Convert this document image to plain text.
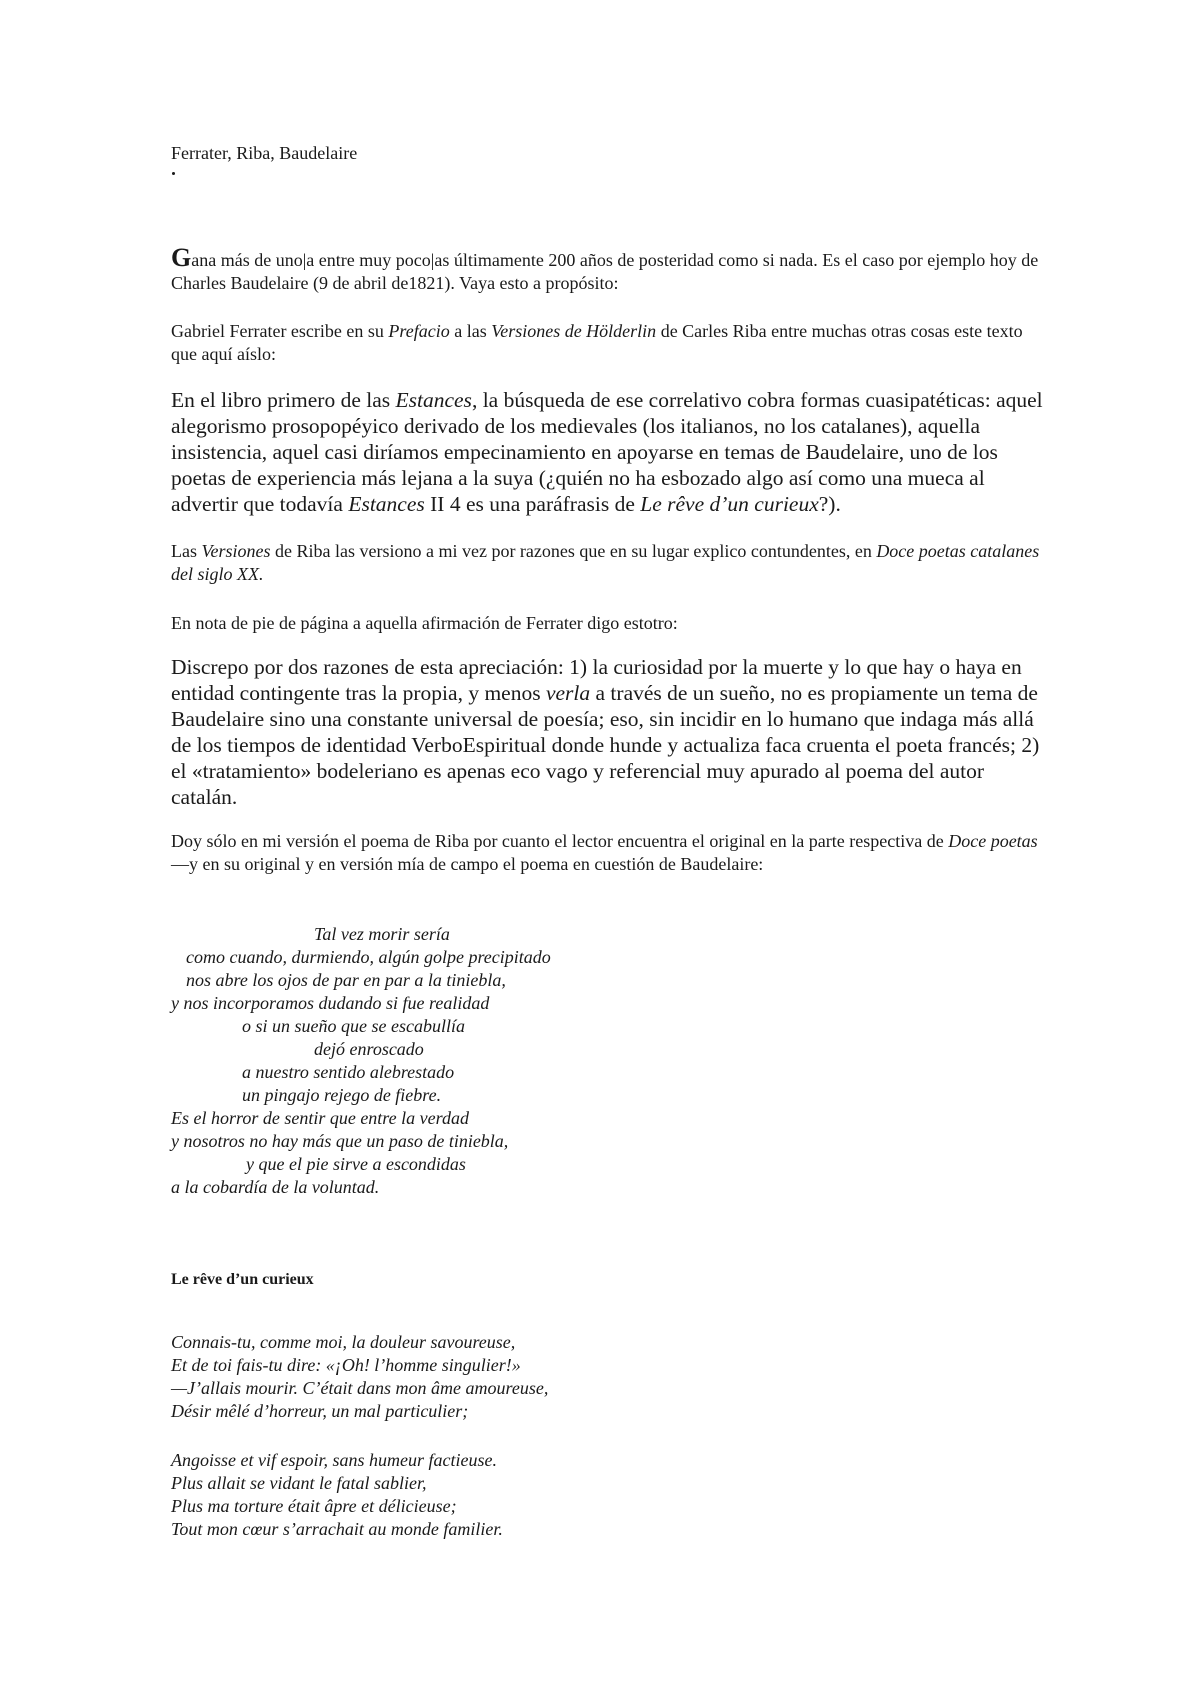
Ferrater, Riba, Baudelaire

Gana más de uno|a entre muy poco|as últimamente 200 años de posteridad como si nada. Es el caso por ejemplo hoy de Charles Baudelaire (9 de abril de1821). Vaya esto a propósito:

Gabriel Ferrater escribe en su Prefacio a las Versiones de Hölderlin de Carles Riba entre muchas otras cosas este texto que aquí aíslo:

En el libro primero de las Estances, la búsqueda de ese correlativo cobra formas cuasipatéticas: aquel alegorismo prosopopéyico derivado de los medievales (los italianos, no los catalanes), aquella insistencia, aquel casi diríamos empecinamiento en apoyarse en temas de Baudelaire, uno de los poetas de experiencia más lejana a la suya (¿quién no ha esbozado algo así como una mueca al advertir que todavía Estances II 4 es una paráfrasis de Le rêve d’un curieux?).

Las Versiones de Riba las versiono a mi vez por razones que en su lugar explico contundentes, en Doce poetas catalanes del siglo XX.

En nota de pie de página a aquella afirmación de Ferrater digo estotro:

Discrepo por dos razones de esta apreciación: 1) la curiosidad por la muerte y lo que hay o haya en entidad contingente tras la propia, y menos verla a través de un sueño, no es propiamente un tema de Baudelaire sino una constante universal de poesía; eso, sin incidir en lo humano que indaga más allá de los tiempos de identidad VerboEspiritual donde hunde y actualiza faca cruenta el poeta francés; 2) el «tratamiento» bodeleriano es apenas eco vago y referencial muy apurado al poema del autor catalán.

Doy sólo en mi versión el poema de Riba por cuanto el lector encuentra el original en la parte respectiva de Doce poetas —y en su original y en versión mía de campo el poema en cuestión de Baudelaire:

Tal vez morir sería
como cuando, durmiendo, algún golpe precipitado
nos abre los ojos de par en par a la tiniebla,
y nos incorporamos dudando si fue realidad
o si un sueño que se escabullía
dejó enroscado
a nuestro sentido alebrestado
un pingajo rejego de fiebre.
Es el horror de sentir que entre la verdad
y nosotros no hay más que un paso de tiniebla,
y que el pie sirve a escondidas
a la cobardía de la voluntad.
Le rêve d’un curieux
Connais-tu, comme moi, la douleur savoureuse,
Et de toi fais-tu dire: «¡Oh! l’homme singulier!»
—J’allais mourir. C’était dans mon âme amoureuse,
Désir mêlé d’horreur, un mal particulier;
Angoisse et vif espoir, sans humeur factieuse.
Plus allait se vidant le fatal sablier,
Plus ma torture était âpre et délicieuse;
Tout mon cœur s’arrachait au monde familier.
